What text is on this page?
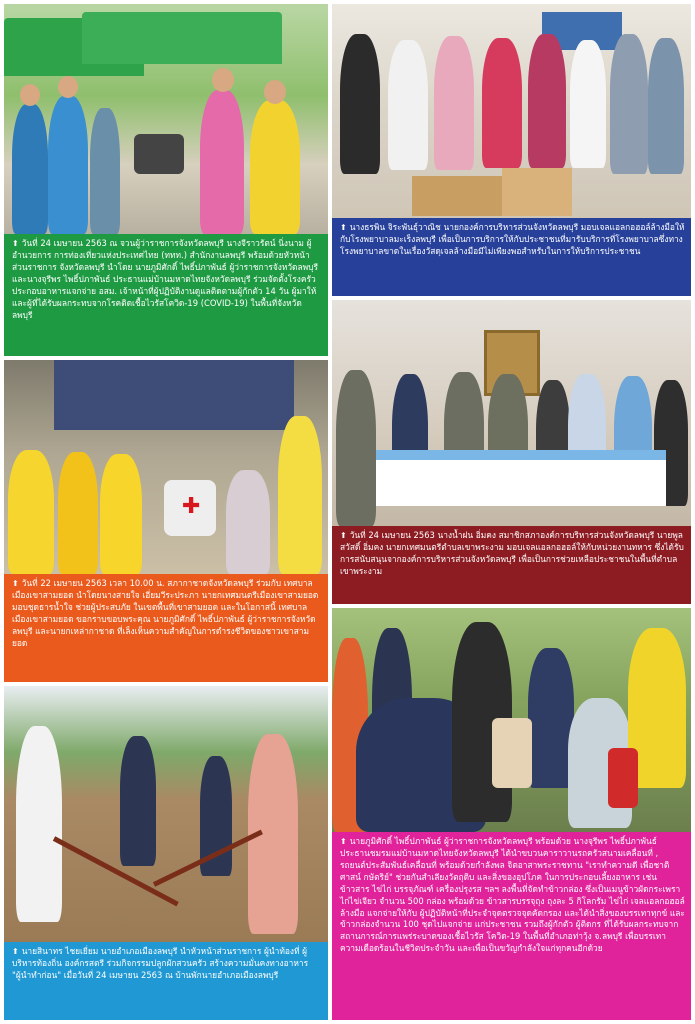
⬆ วันที่ 24 เมษายน 2563 ณ จวนผู้ว่าราชการจังหวัดลพบุรี นางจีราวรัตน์ นิ่งนาม ผู้อำนวยการ การท่องเที่ยวแห่งประเทศไทย (ททท.) สำนักงานลพบุรี พร้อมด้วยหัวหน้าส่วนราชการ จังหวัดลพบุรี นำโดย นายภูมิศักดิ์ ไพธิ์ปภาพันธ์ ผู้ว่าราชการจังหวัดลพบุรี และนางจุรีพร ไพธิ์ปภาพันธ์ ประธานแม่บ้านมหาดไทยจังหวัดลพบุรี ร่วมจัดตั้งโรงครัวประกอบอาหารแจกจ่าย อสม. เจ้าหน้าที่ผู้ปฏิบัติงานดูแลติดตามผู้กักตัว 14 วัน ผู้มาให้ และผู้ที่ได้รับผลกระทบจากโรคติดเชื้อไวรัสโควิด-19 (COVID-19) ในพื้นที่จังหวัดลพบุรี
⬆ นางธรพิน จิระพันธุ์วาณิช นายกองค์การบริหารส่วนจังหวัดลพบุรี มอบเจลแอลกอฮอล์ล้างมือให้กับโรงพยาบาลมะเร็งลพบุรี เพื่อเป็นการบริการให้กับประชาชนที่มารับบริการที่โรงพยาบาลซึ่งทางโรงพยาบาลขาดในเรื่องวัสดุเจลล้างมือมีไม่เพียงพอสำหรับในการให้บริการประชาชน
✚
⬆ วันที่ 22 เมษายน 2563 เวลา 10.00 น. สภากาชาดจังหวัดลพบุรี ร่วมกับ เทศบาลเมืองเขาสามยอด นำโดยนางสายใจ เอี่ยมวีระประภา นายกเทศมนตรีเมืองเขาสามยอด มอบชุดธารน้ำใจ ช่วยผู้ประสบภัย ในเขตพื้นที่เขาสามยอด และในโอกาสนี้ เทศบาลเมืองเขาสามยอด ขอกราบขอบพระคุณ นายภูมิศักดิ์ ไพธิ์ปภาพันธ์ ผู้ว่าราชการจังหวัดลพบุรี และนายกเหล่ากาชาด ที่เล็งเห็นความสำคัญในการดำรงชีวิตของชาวเขาสามยอด
⬆ วันที่ 24 เมษายน 2563 นางน้ำฝน อิ่มคง สมาชิกสภาองค์การบริหารส่วนจังหวัดลพบุรี นายพูลสวัสดิ์ อิ่มคง นายกเทศมนตรีตำบลเขาพระงาม มอบเจลแอลกอฮอล์ให้กับหน่วยงานทหาร ซึ่งได้รับการสนับสนุนจากองค์การบริหารส่วนจังหวัดลพบุรี เพื่อเป็นการช่วยเหลือประชาชนในพื้นที่ตำบลเขาพระงาม
⬆ นายสินาทร ไชยเยี่ยม นายอำเภอเมืองลพบุรี นำหัวหน้าส่วนราชการ ผู้นำท้องที่ ผู้บริหารท้องถิ่น องค์กรสตรี ร่วมกิจกรรมปลูกผักสวนครัว สร้างความมั่นคงทางอาหาร "ผู้นำทำก่อน" เมื่อวันที่ 24 เมษายน 2563 ณ บ้านพักนายอำเภอเมืองลพบุรี
⬆ นายภูมิศักดิ์ ไพธิ์ปภาพันธ์ ผู้ว่าราชการจังหวัดลพบุรี พร้อมด้วย นางจุรีพร ไพธิ์ปภาพันธ์ ประธานชมรมแม่บ้านมหาดไทยจังหวัดลพบุรี ได้นำขบวนคาราวานรถครัวสนามเคลื่อนที่ , รถยนต์ประสัมพันธ์เคลื่อนที่ พร้อมด้วยกำลังพล จิตอาสาพระราชทาน "เราทำความดี เพื่อชาติ ศาสน์ กษัตริย์" ช่วยกันสำเลียงวัตถุดิบ และสิ่งของอุปโภค ในการประกอบเลี้ยงอาหาร เช่น ข้าวสาร ไข่ไก่ บรรจุภัณฑ์ เครื่องปรุงรส ฯลฯ ลงพื้นที่จัดทำข้าวกล่อง ซึ่งเป็นเมนูข้าวผัดกระเพราไก่ไข่เจียว จำนวน 500 กล่อง พร้อมด้วย ข้าวสารบรรจุถุง ถุงละ 5 กิโลกรัม ไข่ไก่ เจลแอลกอฮอล์ล้างมือ แจกจ่ายให้กับ ผู้ปฏิบัติหน้าที่ประจำจุดตรวจจุดคัดกรอง และได้นำสิ่งของบรรเทาทุกข์ และ ข้าวกล่องจำนวน 100 ชุดไปแจกจ่าย แก่ประชาชน รวมถึงผู้กักตัว ผู้ติดกร ที่ได้รับผลกระทบจากสถานการณ์การแพร่ระบาดของเชื้อไวรัส โควิด-19 ในพื้นที่อำเภอท่าวุ้ง จ.ลพบุรี เพื่อบรรเทาความเดือดร้อนในชีวิตประจำวัน และเพื่อเป็นขวัญกำลังใจแก่ทุกคนอีกด้วย
